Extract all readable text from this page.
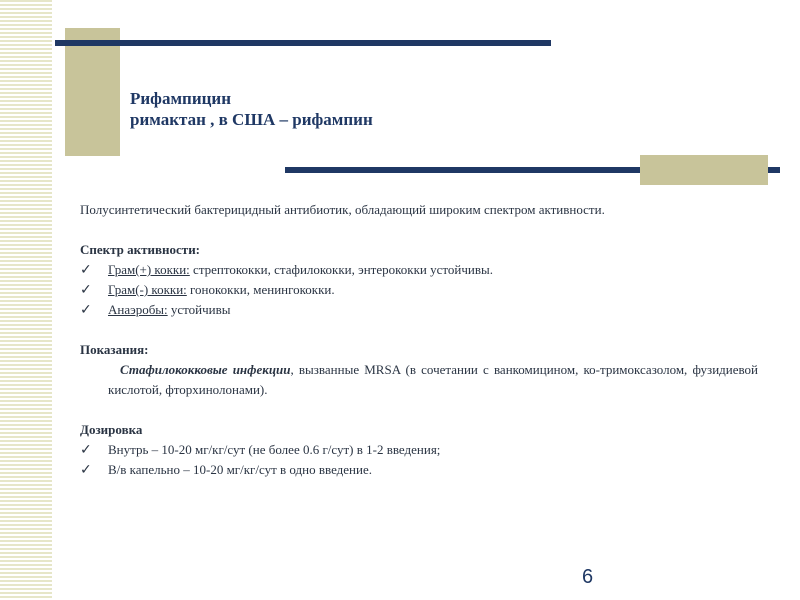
Рифампицин
римактан , в США – рифампин

Полусинтетический бактерицидный антибиотик, обладающий широким спектром активности.

Спектр активности:

✓ Грам(+) кокки: стрептококки, стафилококки, энтерококки устойчивы.
✓ Грам(-) кокки: гонококки, менингококки.
✓ Анаэробы: устойчивы

Показания:

Стафилококковые инфекции, вызванные MRSA (в сочетании с ванкомицином, ко-тримоксазолом, фузидиевой кислотой, фторхинолонами).

Дозировка

✓ Внутрь – 10-20 мг/кг/сут (не более 0.6 г/сут) в 1-2 введения;
✓ В/в капельно – 10-20 мг/кг/сут в одно введение.
6
